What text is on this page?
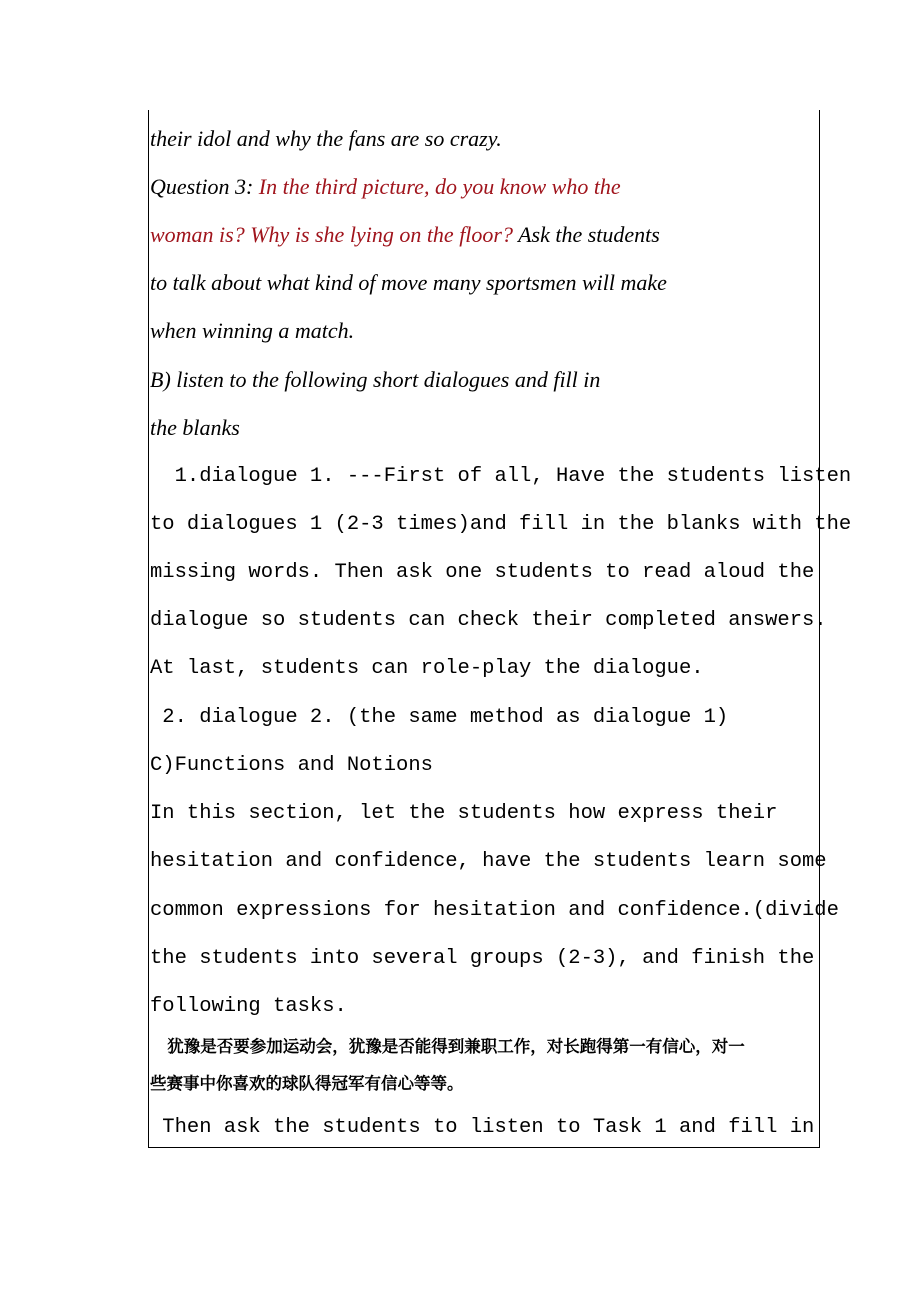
their idol and why the fans are so crazy.

Question 3: In the third picture, do you know who the

woman is? Why is she lying on the floor? Ask the students

to talk about what kind of move many sportsmen will make

when winning a match.

B) listen to the following short dialogues and fill in

the blanks

1.dialogue 1. ---First of all, Have the students listen

to dialogues 1 (2-3 times)and fill in the blanks with the

missing words. Then ask one students to read aloud the

dialogue so students can check their completed answers.

At last, students can role-play the dialogue.

2. dialogue 2. (the same method as dialogue 1)

C)Functions and Notions

In this section, let the students how express their

hesitation and confidence, have the students learn some

common expressions for hesitation and confidence.(divide

the students into several groups (2-3), and finish the

following tasks.

犹豫是否要参加运动会，犹豫是否能得到兼职工作，对长跑得第一有信心，对一

些赛事中你喜欢的球队得冠军有信心等等。

Then ask the students to listen to Task 1 and fill in
